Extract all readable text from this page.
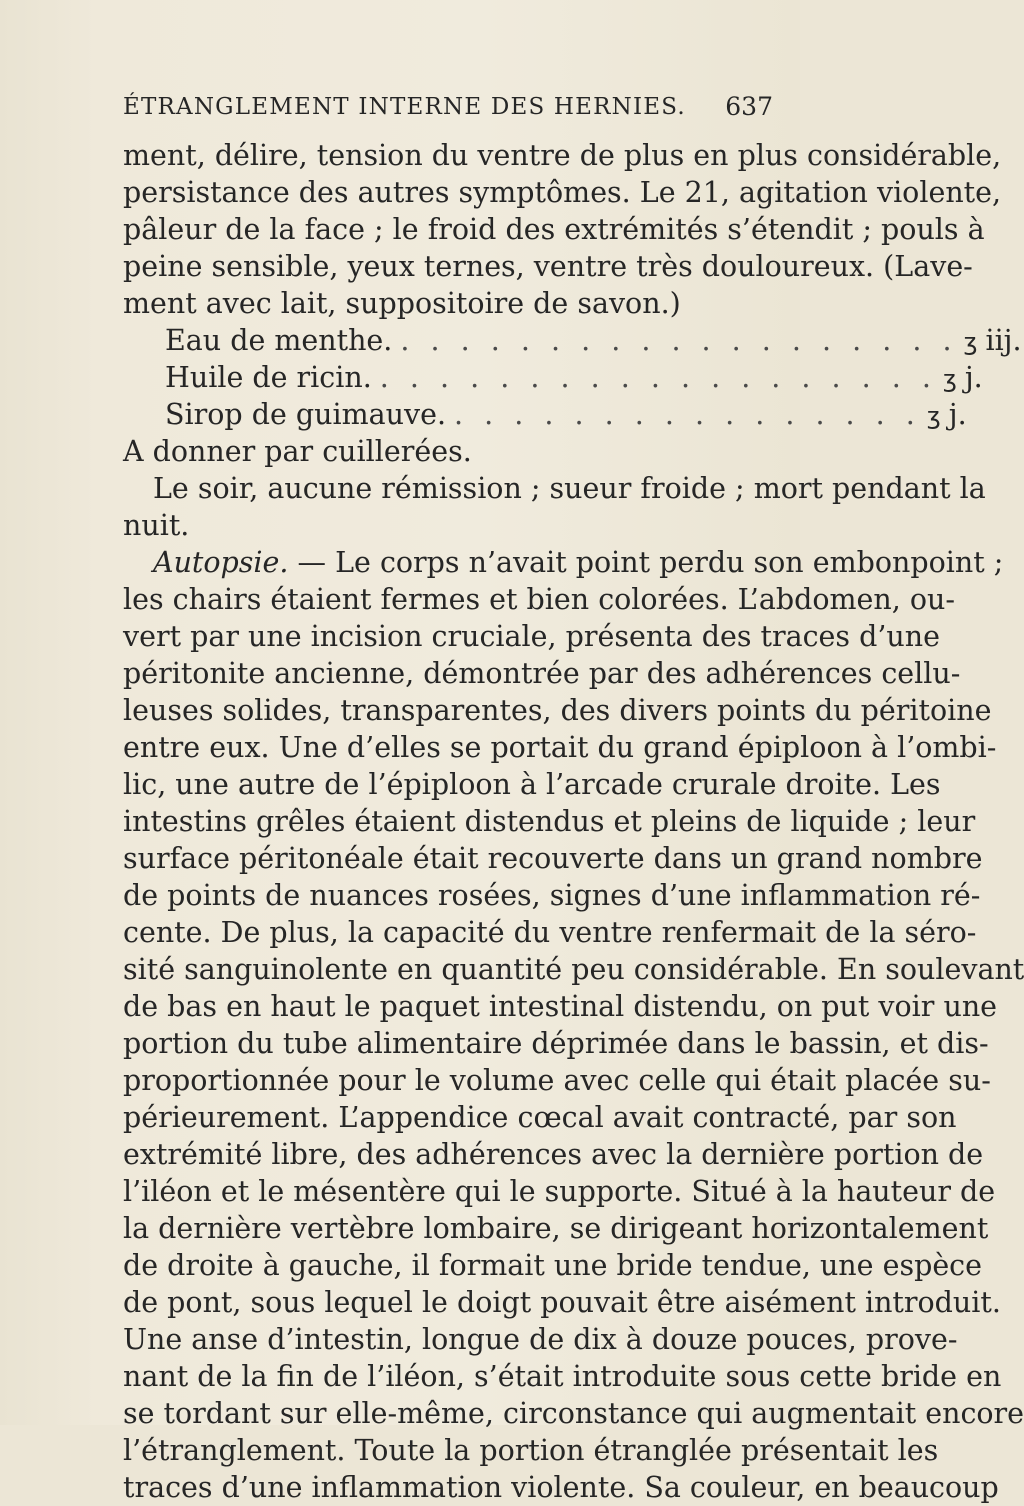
ÉTRANGLEMENT INTERNE DES HERNIES. 637
ment, délire, tension du ventre de plus en plus considérable,
persistance des autres symptômes. Le 21, agitation violente,
pâleur de la face ; le froid des extrémités s’étendit ; pouls à
peine sensible, yeux ternes, ventre très douloureux. (Lave-
ment avec lait, suppositoire de savon.)
Eau de menthe. . . . . . . . . . . . . . . . . . . . ʒ iij.
Huile de ricin. . . . . . . . . . . . . . . . . . . . ʒ j.
Sirop de guimauve. . . . . . . . . . . . . . . . . ʒ j.
A donner par cuillerées.
Le soir, aucune rémission ; sueur froide ; mort pendant la
nuit.
Autopsie. — Le corps n’avait point perdu son embonpoint ;
les chairs étaient fermes et bien colorées. L’abdomen, ou-
vert par une incision cruciale, présenta des traces d’une
péritonite ancienne, démontrée par des adhérences cellu-
leuses solides, transparentes, des divers points du péritoine
entre eux. Une d’elles se portait du grand épiploon à l’ombi-
lic, une autre de l’épiploon à l’arcade crurale droite. Les
intestins grêles étaient distendus et pleins de liquide ; leur
surface péritonéale était recouverte dans un grand nombre
de points de nuances rosées, signes d’une inflammation ré-
cente. De plus, la capacité du ventre renfermait de la séro-
sité sanguinolente en quantité peu considérable. En soulevant
de bas en haut le paquet intestinal distendu, on put voir une
portion du tube alimentaire déprimée dans le bassin, et dis-
proportionnée pour le volume avec celle qui était placée su-
périeurement. L’appendice cœcal avait contracté, par son
extrémité libre, des adhérences avec la dernière portion de
l’iléon et le mésentère qui le supporte. Situé à la hauteur de
la dernière vertèbre lombaire, se dirigeant horizontalement
de droite à gauche, il formait une bride tendue, une espèce
de pont, sous lequel le doigt pouvait être aisément introduit.
Une anse d’intestin, longue de dix à douze pouces, prove-
nant de la fin de l’iléon, s’était introduite sous cette bride en
se tordant sur elle-même, circonstance qui augmentait encore
l’étranglement. Toute la portion étranglée présentait les
traces d’une inflammation violente. Sa couleur, en beaucoup
